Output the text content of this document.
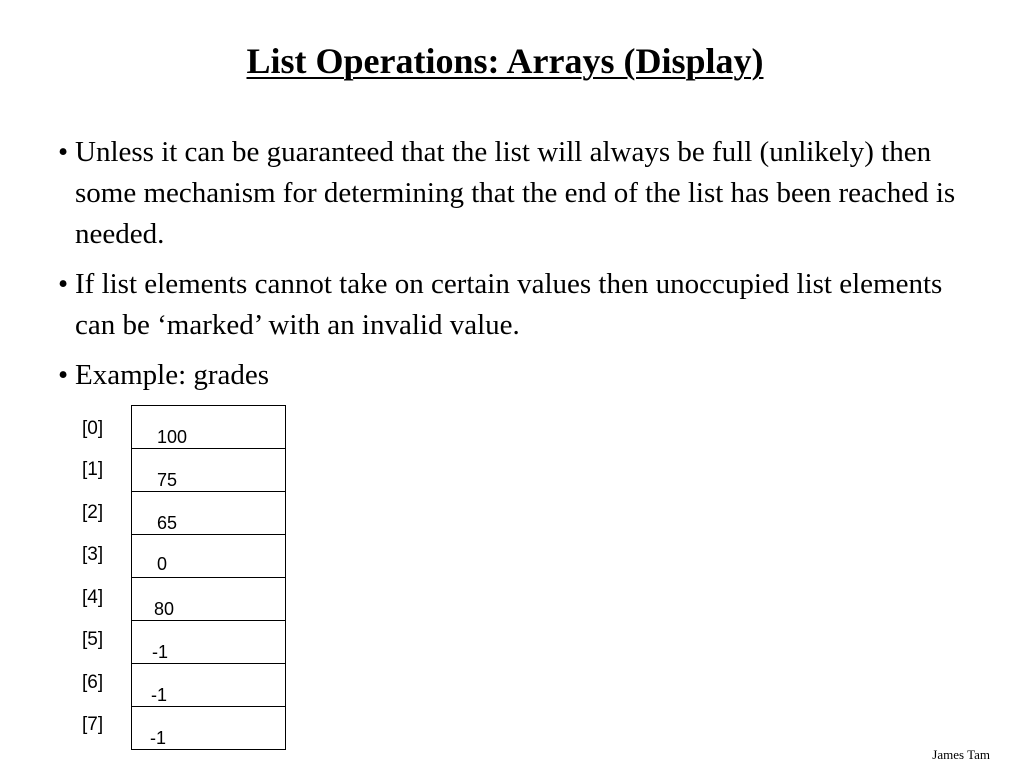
List Operations: Arrays (Display)
• Unless it can be guaranteed that the list will always be full (unlikely) then some mechanism for determining that the end of the list has been reached is needed.
• If list elements cannot take on certain values then unoccupied list elements can be ‘marked’ with an invalid value.
• Example: grades
[0]
[1]
[2]
[3]
[4]
[5]
[6]
[7]
100
75
65
0
80
-1
-1
-1
James Tam
